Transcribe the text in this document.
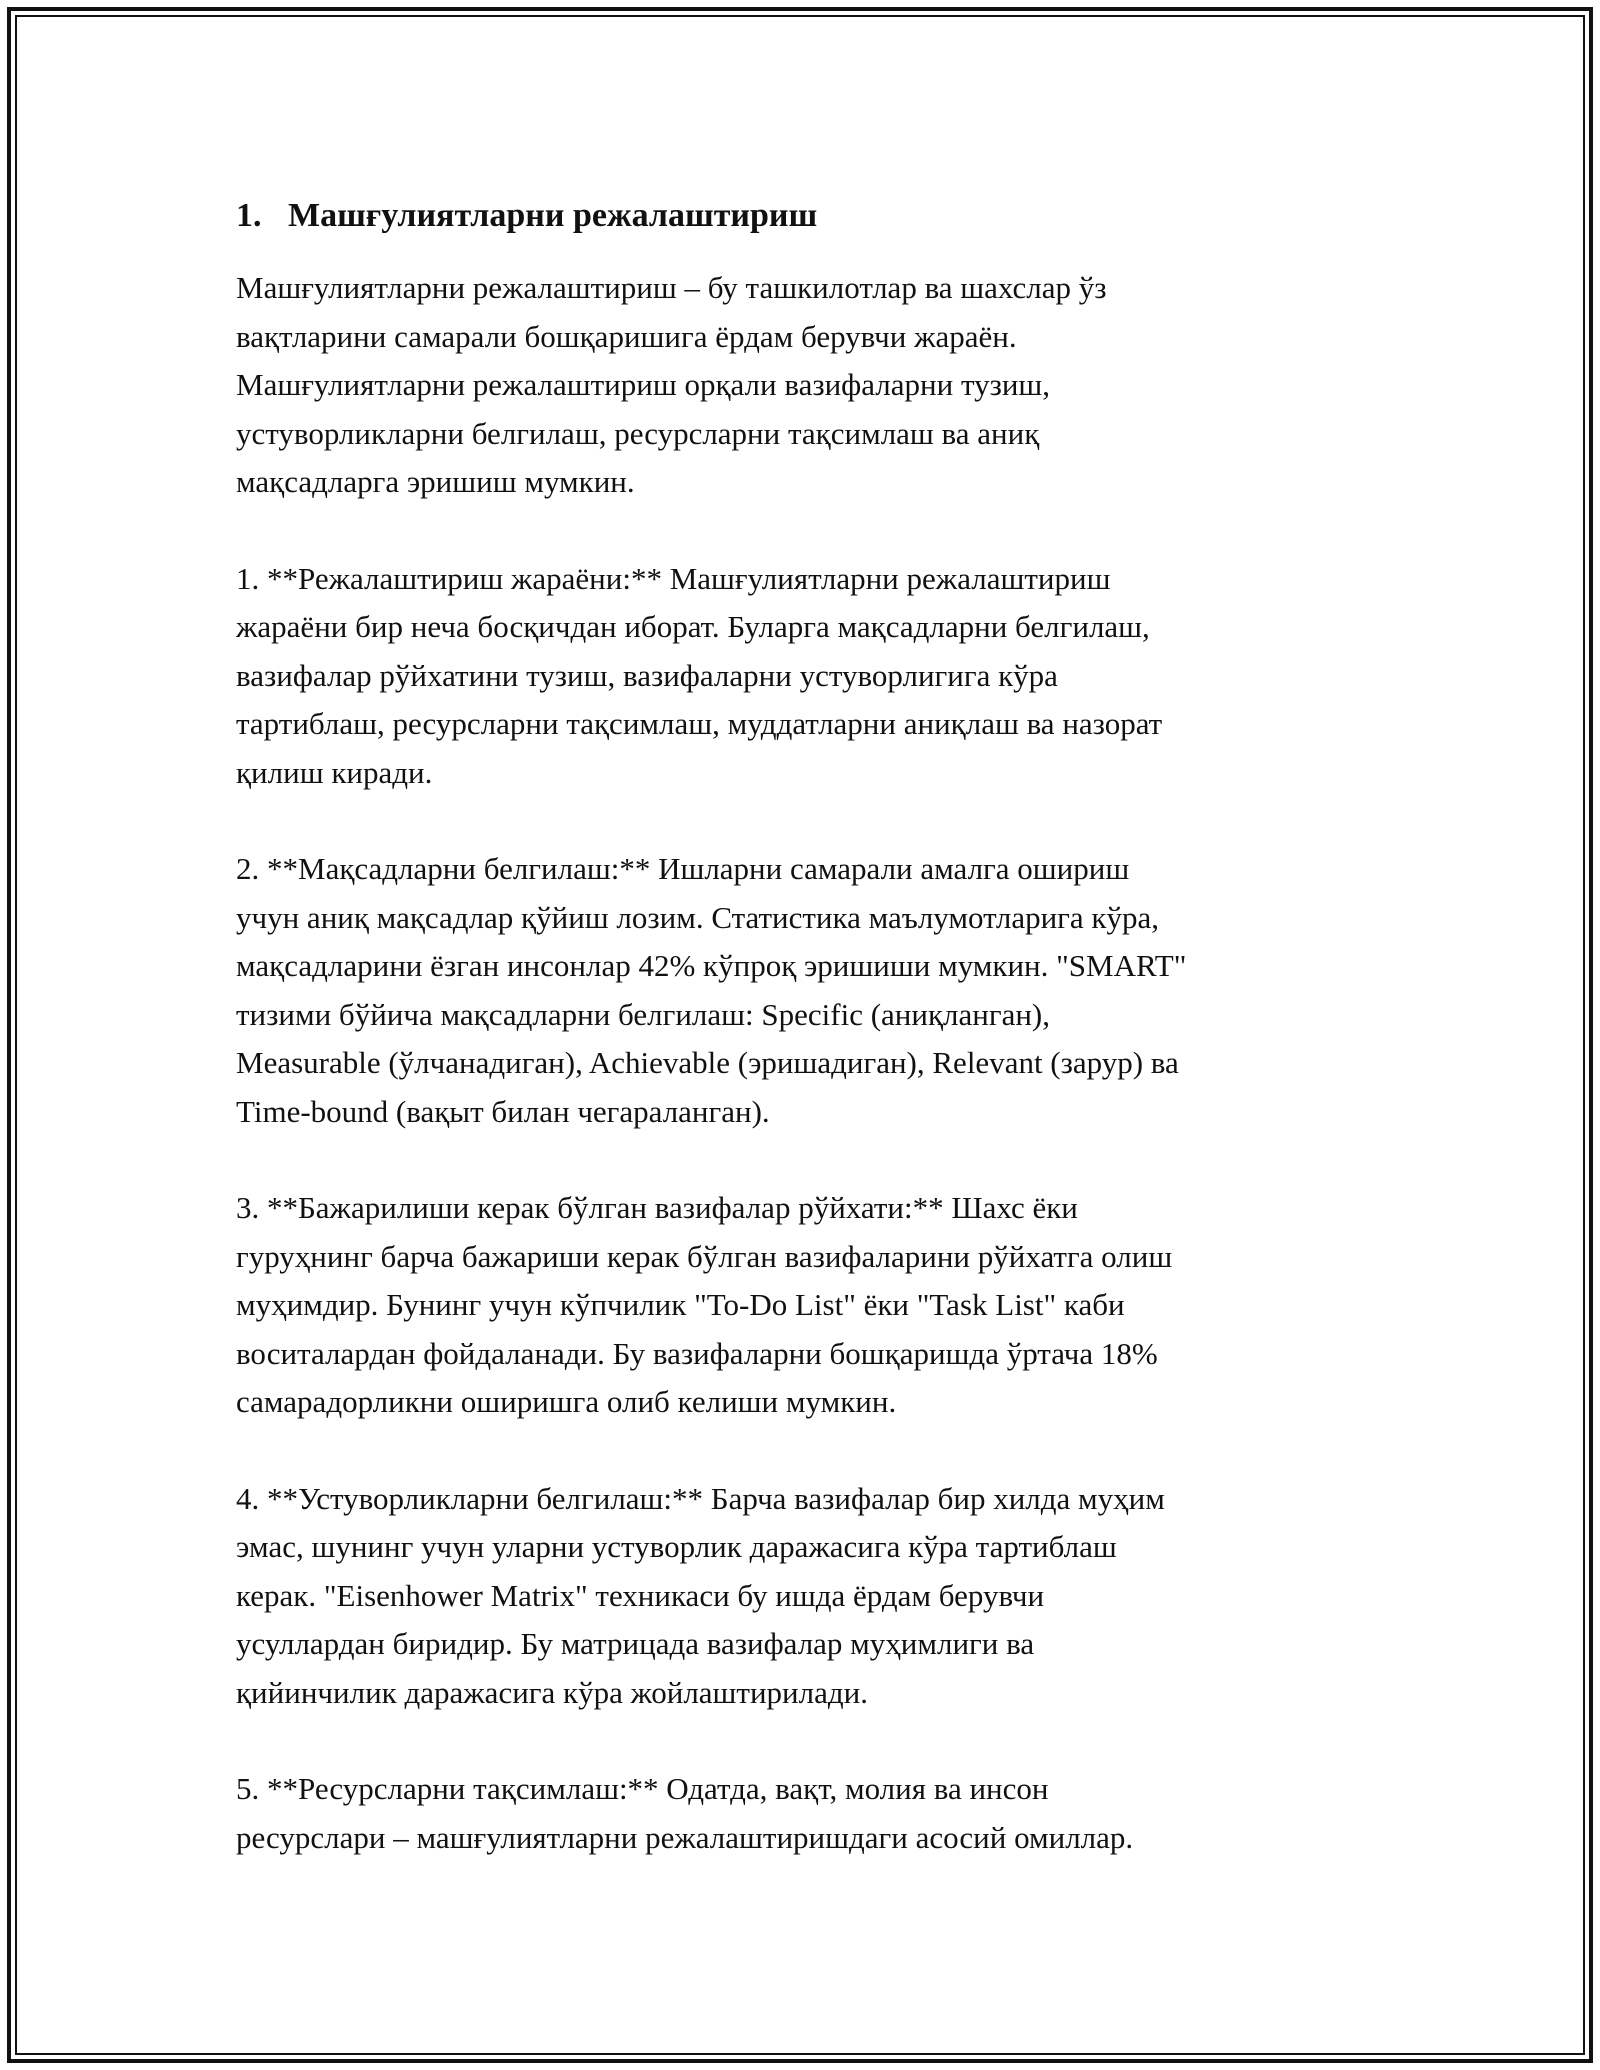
1. Машғулиятларни режалаштириш

Машғулиятларни режалаштириш – бу ташкилотлар ва шахслар ўз
вақтларини самарали бошқаришига ёрдам берувчи жараён.
Машғулиятларни режалаштириш орқали вазифаларни тузиш,
устуворликларни белгилаш, ресурсларни тақсимлаш ва аниқ
мақсадларга эришиш мумкин.

1. **Режалаштириш жараёни:** Машғулиятларни режалаштириш
жараёни бир неча босқичдан иборат. Буларга мақсадларни белгилаш,
вазифалар рўйхатини тузиш, вазифаларни устуворлигига кўра
тартиблаш, ресурсларни тақсимлаш, муддатларни аниқлаш ва назорат
қилиш киради.

2. **Мақсадларни белгилаш:** Ишларни самарали амалга ошириш
учун аниқ мақсадлар қўйиш лозим. Статистика маълумотларига кўра,
мақсадларини ёзган инсонлар 42% кўпроқ эришиши мумкин. "SMART"
тизими бўйича мақсадларни белгилаш: Specific (аниқланган),
Measurable (ўлчанадиган), Achievable (эришадиган), Relevant (зарур) ва
Time-bound (вақыт билан чегараланган).

3. **Бажарилиши керак бўлган вазифалар рўйхати:** Шахс ёки
гуруҳнинг барча бажариши керак бўлган вазифаларини рўйхатга олиш
муҳимдир. Бунинг учун кўпчилик "To-Do List" ёки "Task List" каби
воситалардан фойдаланади. Бу вазифаларни бошқаришда ўртача 18%
самарадорликни оширишга олиб келиши мумкин.

4. **Устуворликларни белгилаш:** Барча вазифалар бир хилда муҳим
эмас, шунинг учун уларни устуворлик даражасига кўра тартиблаш
керак. "Eisenhower Matrix" техникаси бу ишда ёрдам берувчи
усуллардан биридир. Бу матрицада вазифалар муҳимлиги ва
қийинчилик даражасига кўра жойлаштирилади.

5. **Ресурсларни тақсимлаш:** Одатда, вақт, молия ва инсон
ресурслари – машғулиятларни режалаштиришдаги асосий омиллар.
